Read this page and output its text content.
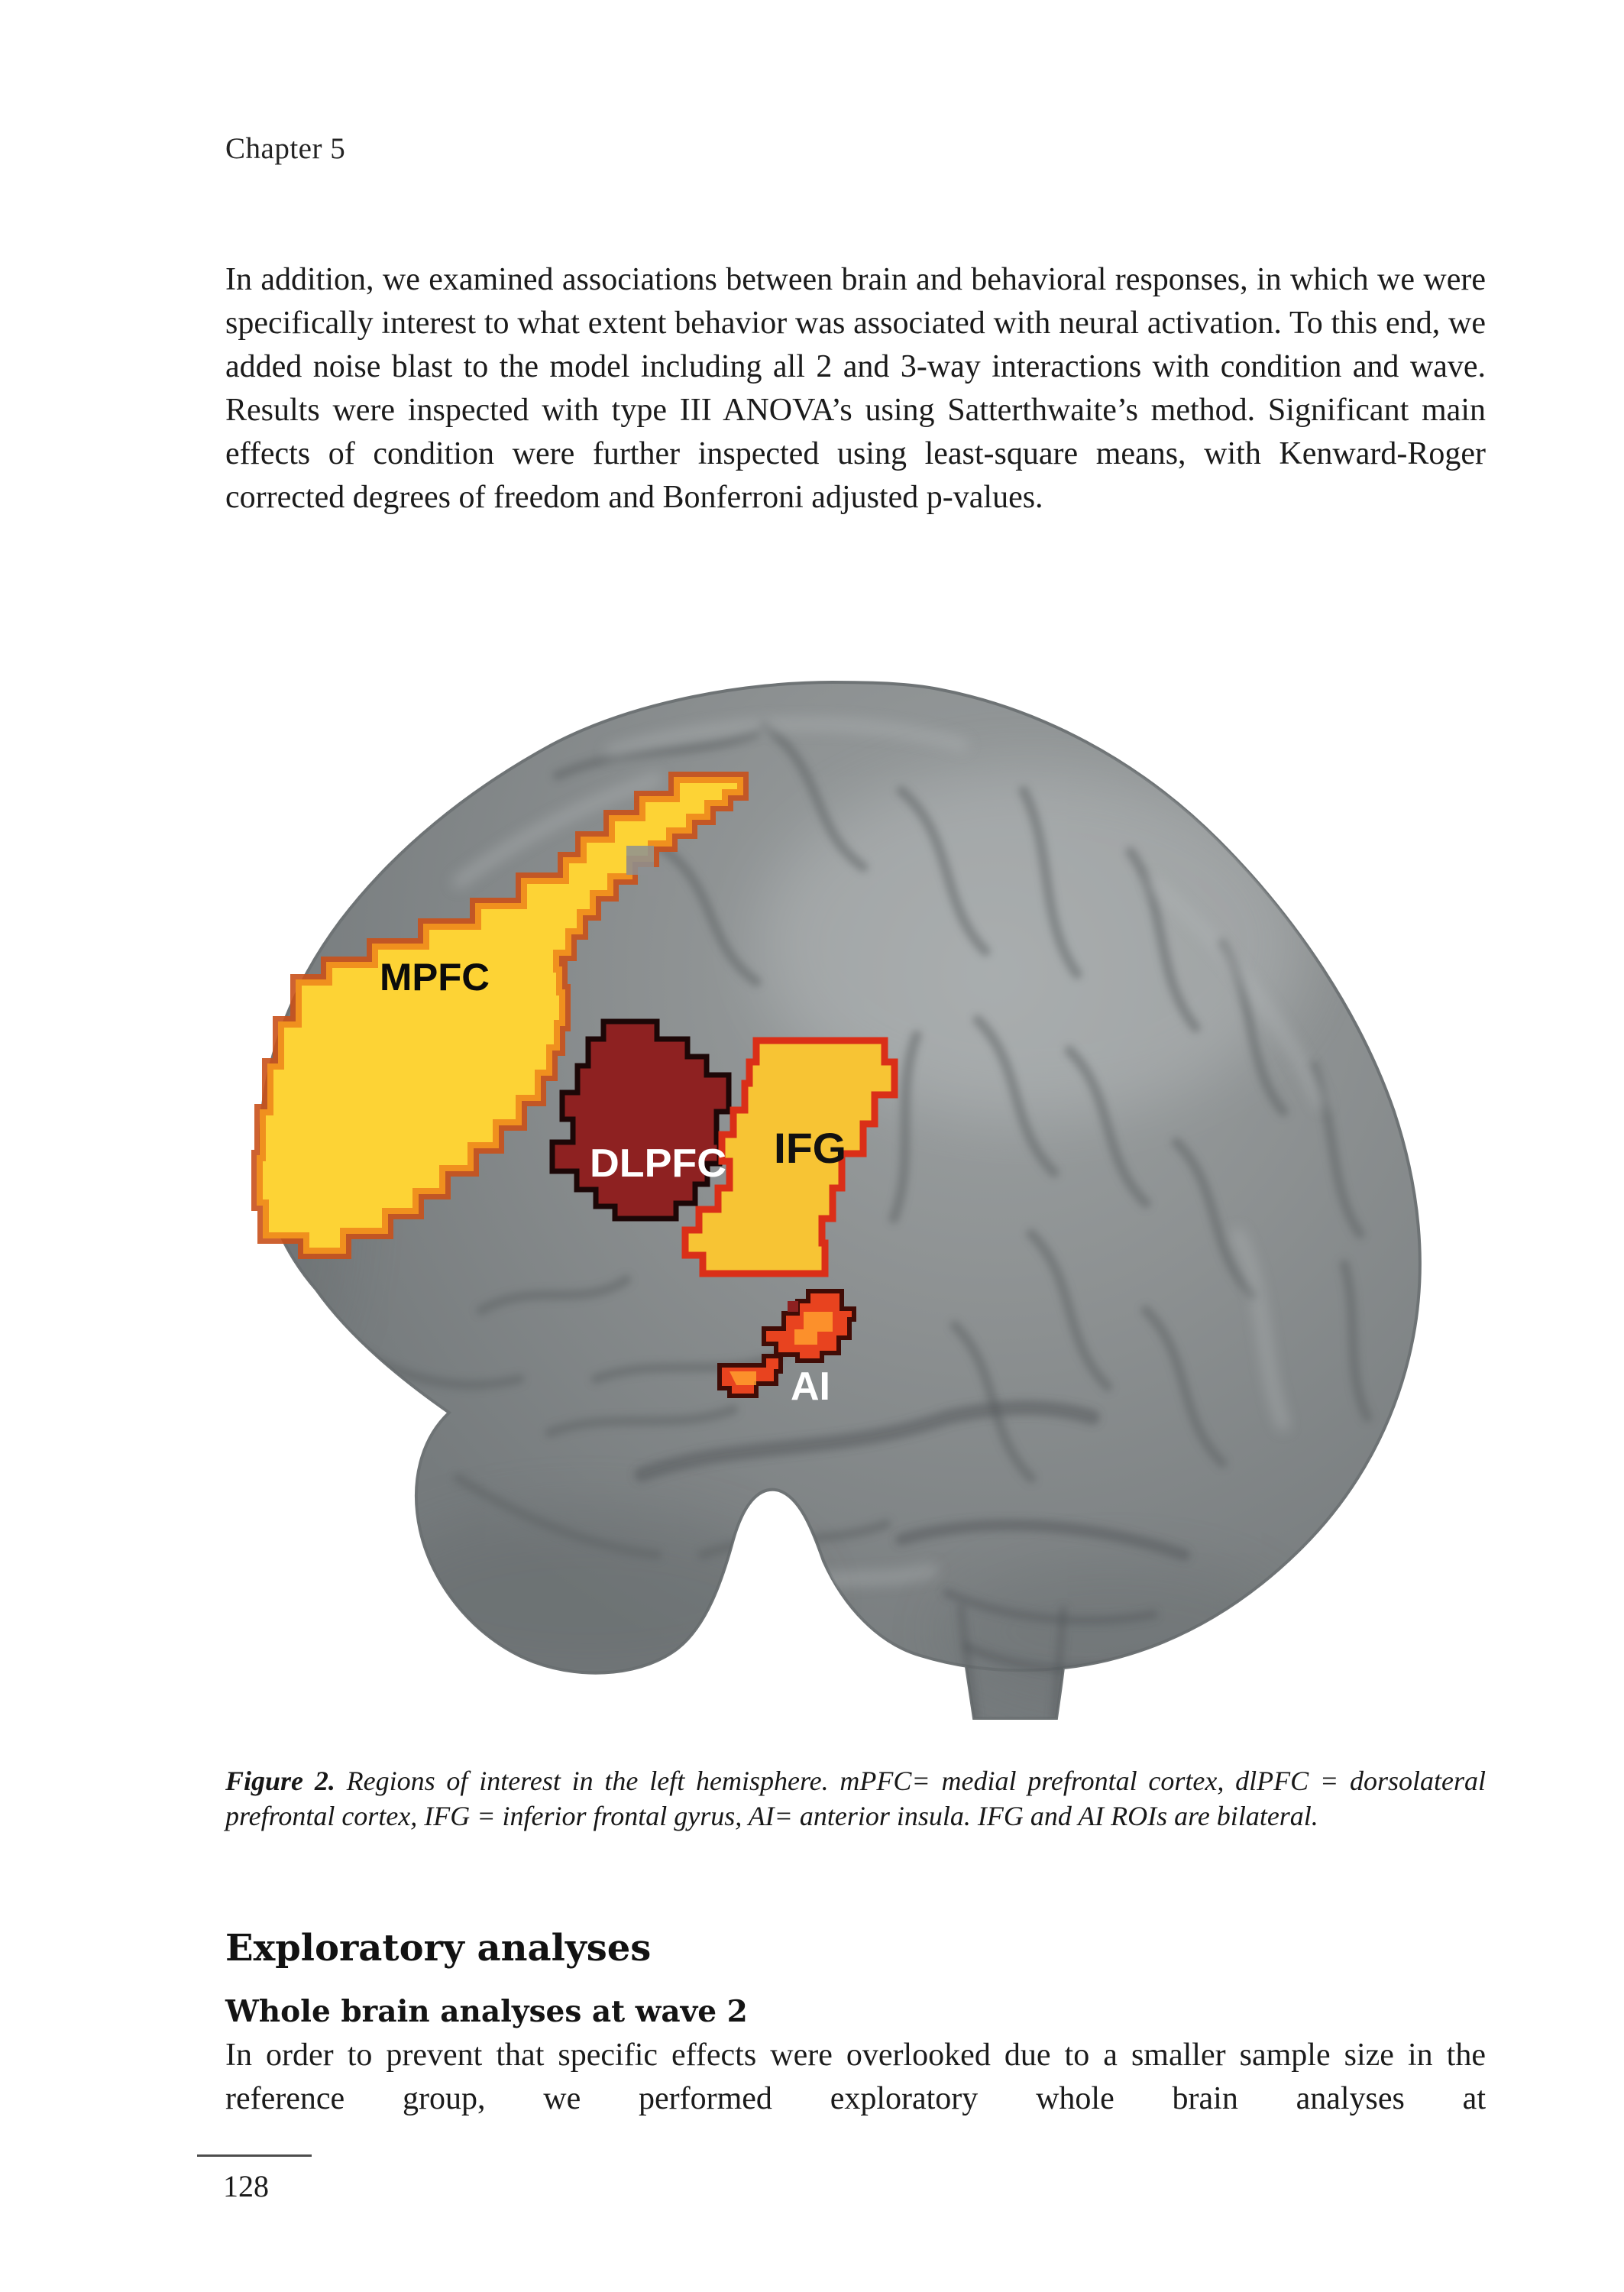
Chapter 5
In addition, we examined associations between brain and behavioral responses, in which we were specifically interest to what extent behavior was associated with neural activation. To this end, we added noise blast to the model including all 2 and 3-way interactions with condition and wave. Results were inspected with type III ANOVA’s using Satterthwaite’s method. Significant main effects of condition were further inspected using least-square means, with Kenward-Roger corrected degrees of freedom and Bonferroni adjusted p-values.
MPFC
DLPFC IFG
AI

Figure 2. Regions of interest in the left hemisphere. mPFC= medial prefrontal cortex, dlPFC = dorsolateral prefrontal cortex, IFG = inferior frontal gyrus, AI= anterior insula. IFG and AI ROIs are bilateral.

Exploratory analyses
Whole brain analyses at wave 2
In order to prevent that specific effects were overlooked due to a smaller sample size in the reference group, we performed exploratory whole brain analyses at
128
